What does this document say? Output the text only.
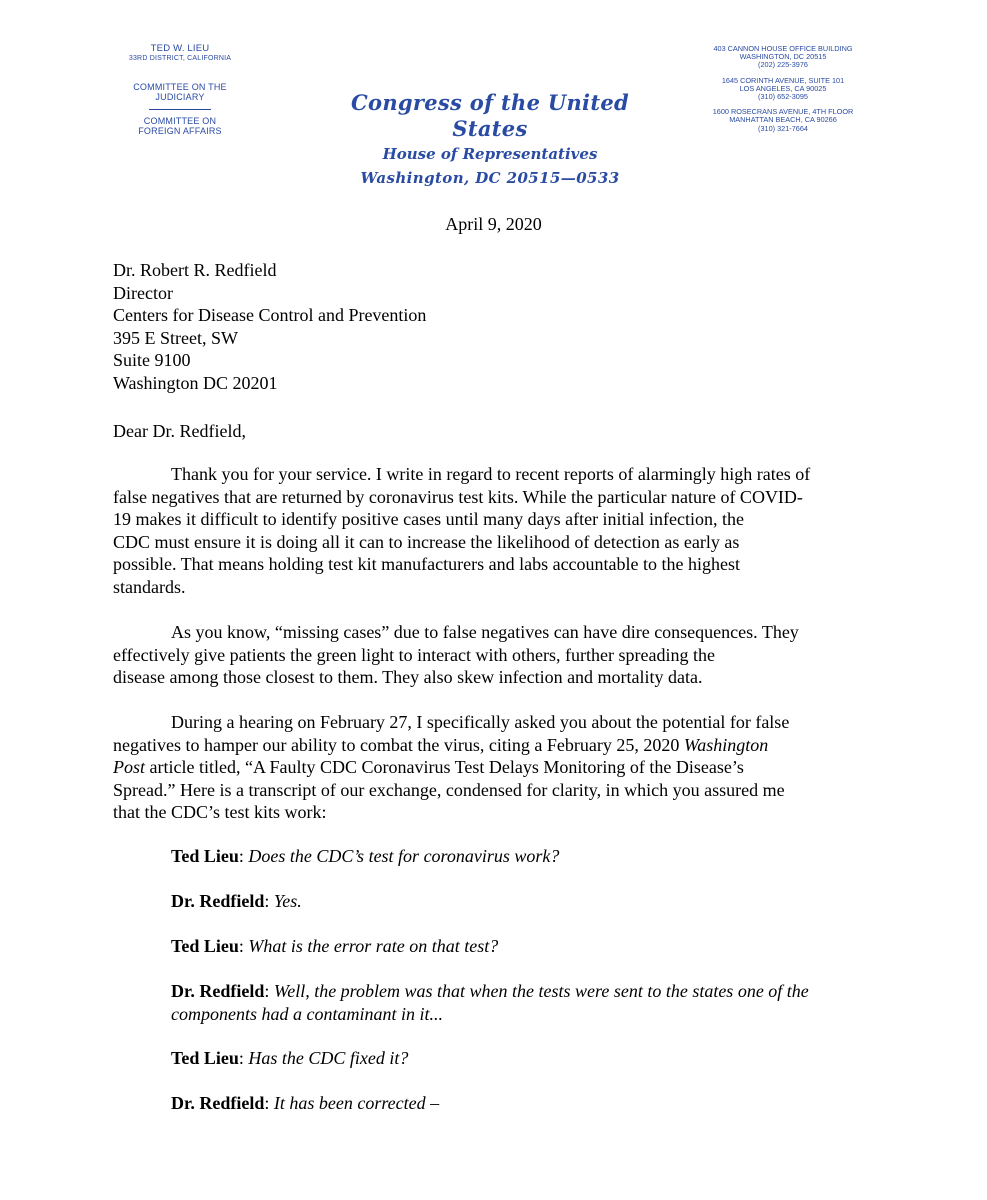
TED W. LIEU
33RD DISTRICT, CALIFORNIA
COMMITTEE ON THE
JUDICIARY
COMMITTEE ON
FOREIGN AFFAIRS
Congress of the United States
House of Representatives
Washington, DC 20515—0533
403 CANNON HOUSE OFFICE BUILDING
WASHINGTON, DC 20515
(202) 225-3976
1645 CORINTH AVENUE, SUITE 101
LOS ANGELES, CA 90025
(310) 652-3095
1600 ROSECRANS AVENUE, 4TH FLOOR
MANHATTAN BEACH, CA 90266
(310) 321-7664
April 9, 2020
Dr. Robert R. Redfield
Director
Centers for Disease Control and Prevention
395 E Street, SW
Suite 9100
Washington DC 20201
Dear Dr. Redfield,
Thank you for your service. I write in regard to recent reports of alarmingly high rates of
false negatives that are returned by coronavirus test kits. While the particular nature of COVID-
19 makes it difficult to identify positive cases until many days after initial infection, the
CDC must ensure it is doing all it can to increase the likelihood of detection as early as
possible. That means holding test kit manufacturers and labs accountable to the highest
standards.
As you know, “missing cases” due to false negatives can have dire consequences. They
effectively give patients the green light to interact with others, further spreading the
disease among those closest to them. They also skew infection and mortality data.
During a hearing on February 27, I specifically asked you about the potential for false
negatives to hamper our ability to combat the virus, citing a February 25, 2020 Washington
Post article titled, “A Faulty CDC Coronavirus Test Delays Monitoring of the Disease’s
Spread.” Here is a transcript of our exchange, condensed for clarity, in which you assured me
that the CDC’s test kits work:
Ted Lieu: Does the CDC’s test for coronavirus work?
Dr. Redfield: Yes.
Ted Lieu: What is the error rate on that test?
Dr. Redfield: Well, the problem was that when the tests were sent to the states one of the
components had a contaminant in it...
Ted Lieu: Has the CDC fixed it?
Dr. Redfield: It has been corrected –
